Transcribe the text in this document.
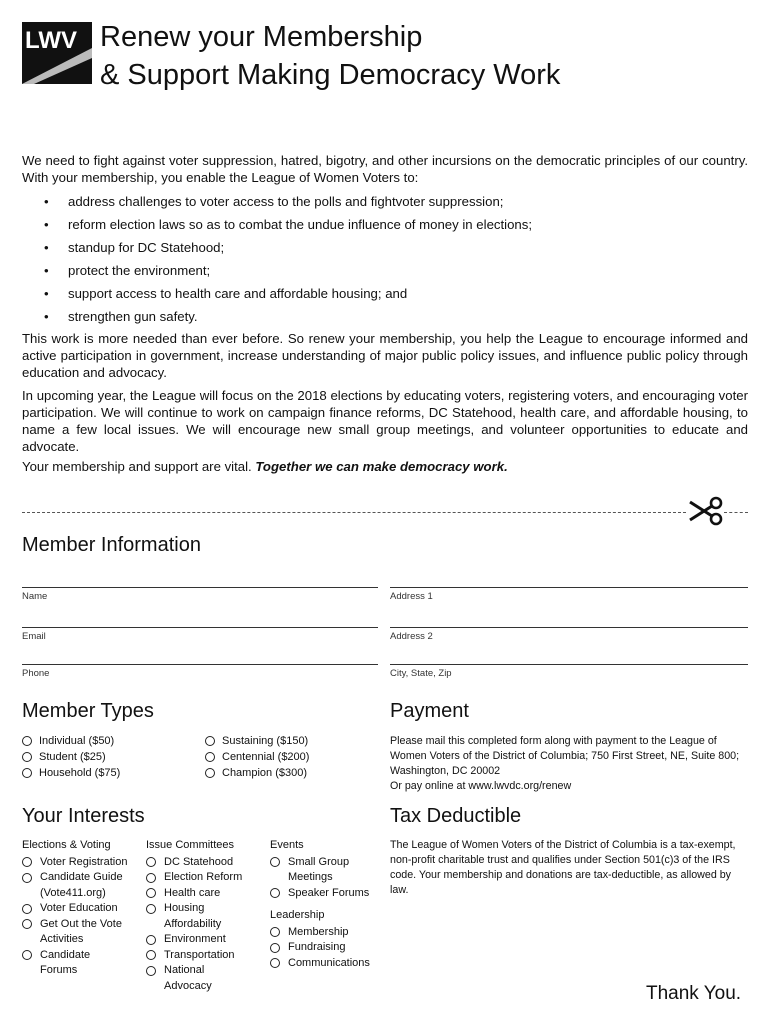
LWV Renew your Membership
& Support Making Democracy Work

We need to fight against voter suppression, hatred, bigotry, and other incursions on the democratic principles of our country. With your membership, you enable the League of Women Voters to:

• address challenges to voter access to the polls and fightvoter suppression;
• reform election laws so as to combat the undue influence of money in elections;
• standup for DC Statehood;
• protect the environment;
• support access to health care and affordable housing; and
• strengthen gun safety.

This work is more needed than ever before. So renew your membership, you help the League to encourage informed and active participation in government, increase understanding of major public policy issues, and influence public policy through education and advocacy.

In upcoming year, the League will focus on the 2018 elections by educating voters, registering voters, and encouraging voter participation. We will continue to work on campaign finance reforms, DC Statehood, health care, and affordable housing, to name a few local issues. We will encourage new small group meetings, and volunteer opportunities to educate and advocate.

Your membership and support are vital. Together we can make democracy work.

Member Information
Name	Address 1
Email	Address 2
Phone	City, State, Zip
Member Types
Individual ($50)
Student ($25)
Household ($75)
Sustaining ($150)
Centennial ($200)
Champion ($300)
Payment
Please mail this completed form along with payment to the League of Women Voters of the District of Columbia; 750 First Street, NE, Suite 800; Washington, DC 20002
Or pay online at www.lwvdc.org/renew
Your Interests
Elections & Voting
Voter Registration
Candidate Guide
(Vote411.org)
Voter Education
Get Out the Vote
Activities
Candidate
Forums
Issue Committees
DC Statehood
Election Reform
Health care
Housing
Affordability
Environment
Transportation
National
Advocacy
Events
Small Group
Meetings
Speaker Forums
Leadership
Membership
Fundraising
Communications
Tax Deductible
The League of Women Voters of the District of Columbia is a tax-exempt, non-profit charitable trust and qualifies under Section 501(c)3 of the IRS code. Your membership and donations are tax-deductible, as allowed by law.
Thank You.
